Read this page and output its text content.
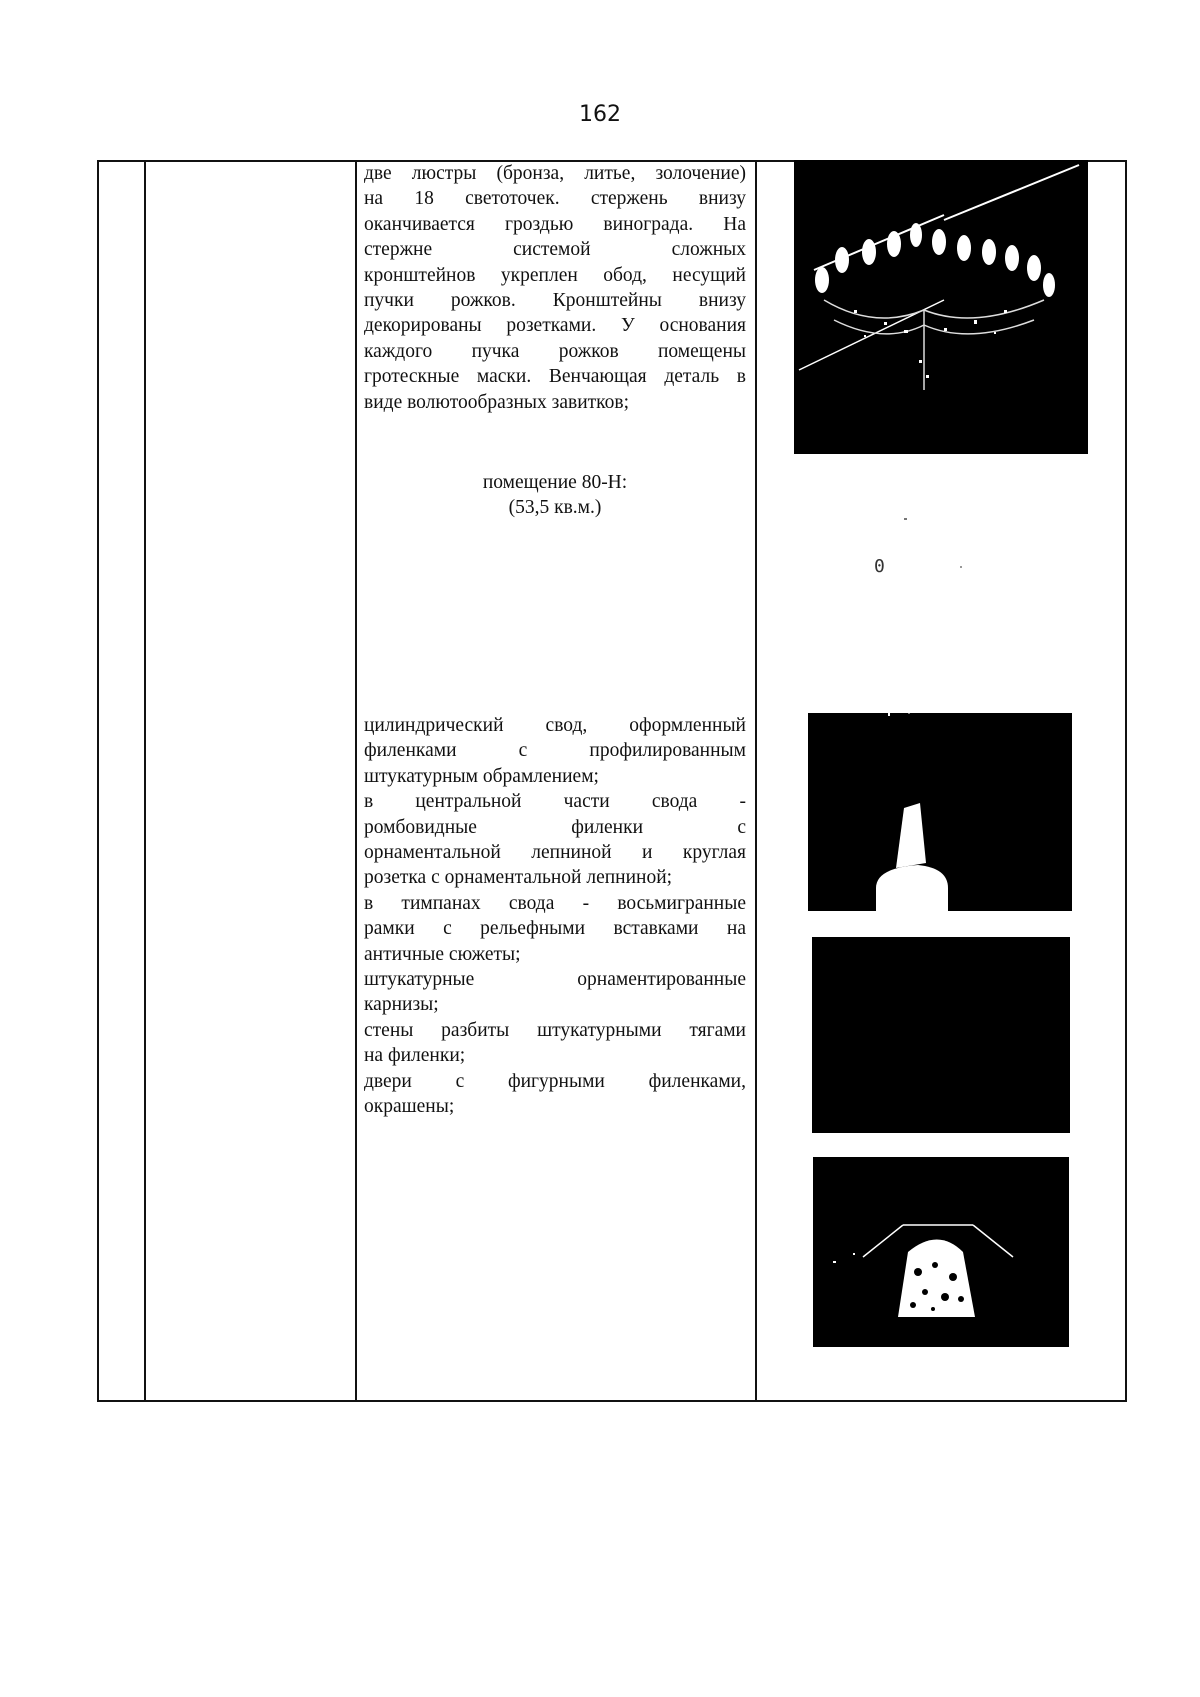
162

две люстры (бронза, литье, золочение)

на 18 светоточек. стержень внизу

оканчивается гроздью винограда. На

стержне системой сложных

кронштейнов укреплен обод, несущий

пучки рожков. Кронштейны внизу

декорированы розетками. У основания

каждого пучка рожков помещены

гротескные маски. Венчающая деталь в

виде волютообразных завитков;

помещение 80-Н:
(53,5 кв.м.)

цилиндрический свод, оформленный

филенками с профилированным

штукатурным обрамлением;

в центральной части свода -

ромбовидные филенки с

орнаментальной лепниной и круглая

розетка с орнаментальной лепниной;

в тимпанах свода - восьмигранные

рамки с рельефными вставками на

античные сюжеты;

штукатурные орнаментированные

карнизы;

стены разбиты штукатурными тягами

на филенки;

двери с фигурными филенками,

окрашены;

0
